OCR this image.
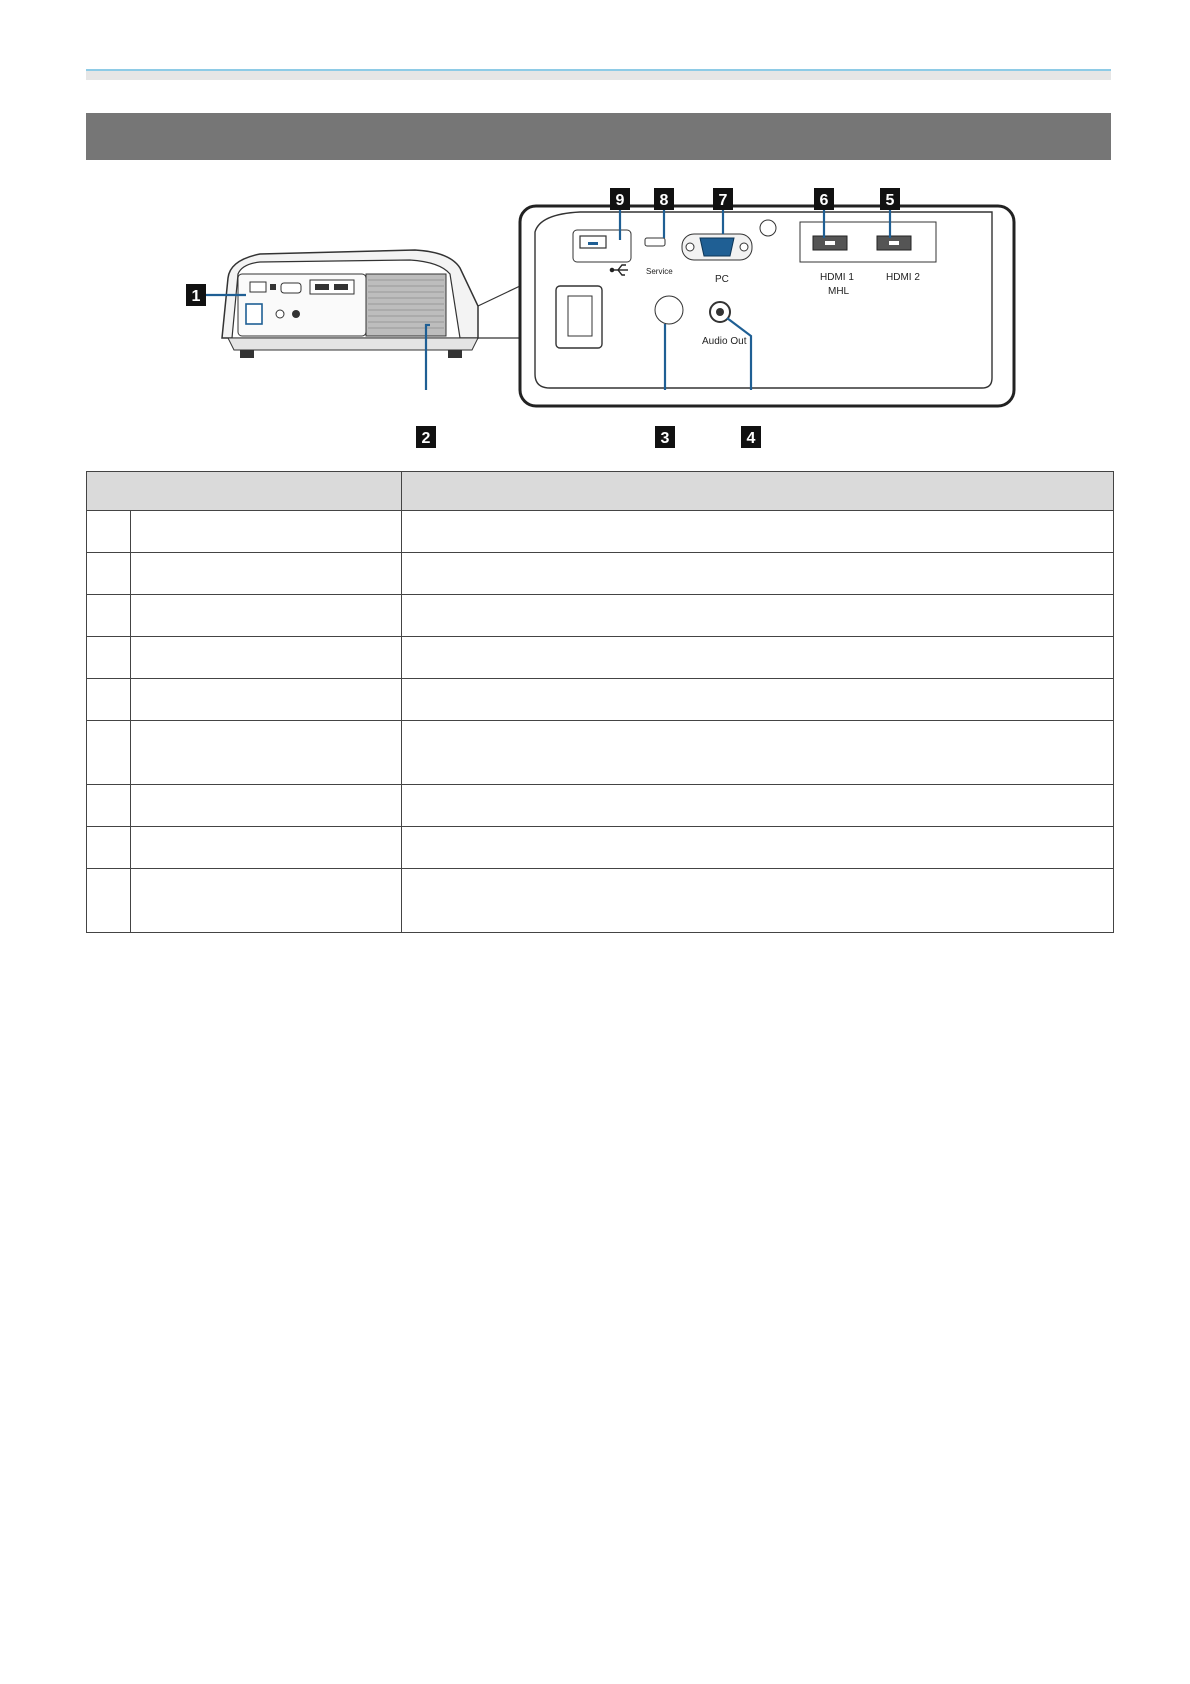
Service
PC	HDMI 1
MHL
HDMI 2
Audio Out
1
2	3	4
5
6
7
8
9
